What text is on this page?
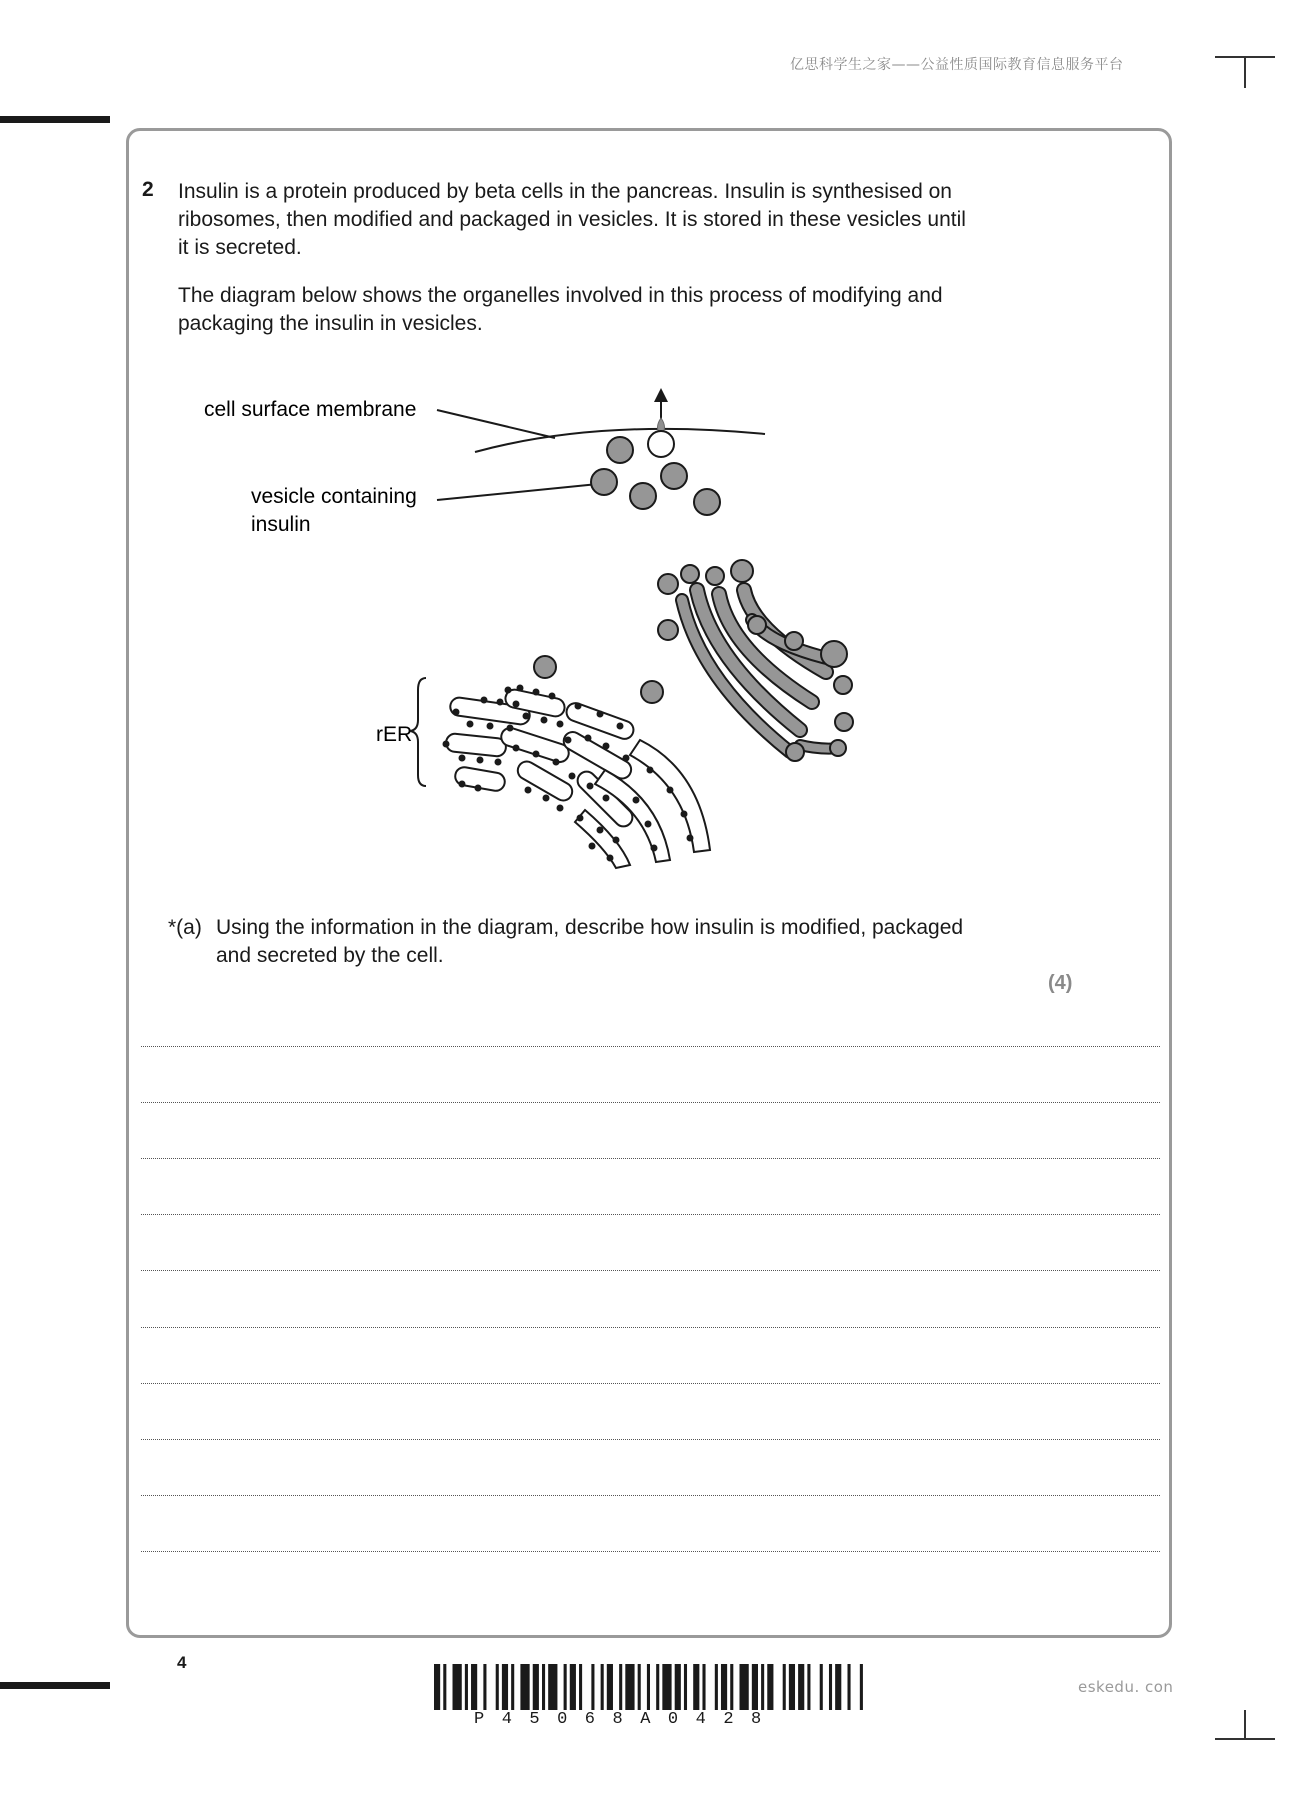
亿思科学生之家——公益性质国际教育信息服务平台
2 Insulin is a protein produced by beta cells in the pancreas. Insulin is synthesised on
ribosomes, then modified and packaged in vesicles. It is stored in these vesicles until
it is secreted.
The diagram below shows the organelles involved in this process of modifying and
packaging the insulin in vesicles.
cell surface membrane
vesicle containing
insulin
rER
*(a) Using the information in the diagram, describe how insulin is modified, packaged
and secreted by the cell.
(4)
4
P45068A0428
eskedu. con
